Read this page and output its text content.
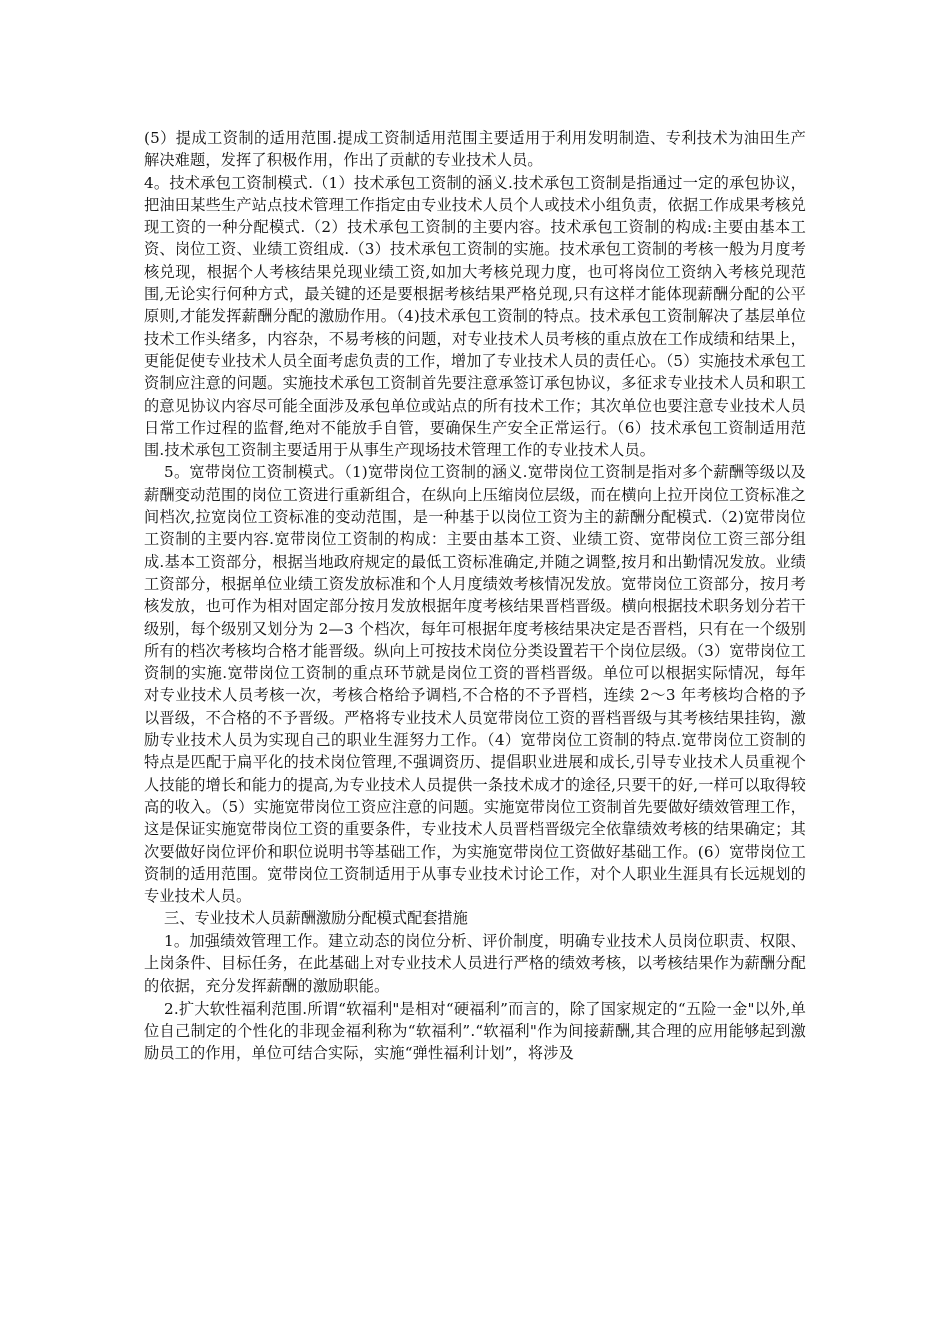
(5）提成工资制的适用范围.提成工资制适用范围主要适用于利用发明制造、专利技术为油田生产解决难题，发挥了积极作用，作出了贡献的专业技术人员。

4。技术承包工资制模式.（1）技术承包工资制的涵义.技术承包工资制是指通过一定的承包协议，把油田某些生产站点技术管理工作指定由专业技术人员个人或技术小组负责，依据工作成果考核兑现工资的一种分配模式.（2）技术承包工资制的主要内容。技术承包工资制的构成:主要由基本工资、岗位工资、业绩工资组成.（3）技术承包工资制的实施。技术承包工资制的考核一般为月度考核兑现，根据个人考核结果兑现业绩工资,如加大考核兑现力度，也可将岗位工资纳入考核兑现范围,无论实行何种方式，最关键的还是要根据考核结果严格兑现,只有这样才能体现薪酬分配的公平原则,才能发挥薪酬分配的激励作用。（4)技术承包工资制的特点。技术承包工资制解决了基层单位技术工作头绪多，内容杂，不易考核的问题，对专业技术人员考核的重点放在工作成绩和结果上，更能促使专业技术人员全面考虑负责的工作，增加了专业技术人员的责任心。（5）实施技术承包工资制应注意的问题。实施技术承包工资制首先要注意承签订承包协议，多征求专业技术人员和职工的意见协议内容尽可能全面涉及承包单位或站点的所有技术工作；其次单位也要注意专业技术人员日常工作过程的监督,绝对不能放手自管，要确保生产安全正常运行。（6）技术承包工资制适用范围.技术承包工资制主要适用于从事生产现场技术管理工作的专业技术人员。

5。宽带岗位工资制模式。（1)宽带岗位工资制的涵义.宽带岗位工资制是指对多个薪酬等级以及薪酬变动范围的岗位工资进行重新组合，在纵向上压缩岗位层级，而在横向上拉开岗位工资标准之间档次,拉宽岗位工资标准的变动范围，是一种基于以岗位工资为主的薪酬分配模式.（2)宽带岗位工资制的主要内容.宽带岗位工资制的构成：主要由基本工资、业绩工资、宽带岗位工资三部分组成.基本工资部分，根据当地政府规定的最低工资标准确定,并随之调整,按月和出勤情况发放。业绩工资部分，根据单位业绩工资发放标准和个人月度绩效考核情况发放。宽带岗位工资部分，按月考核发放，也可作为相对固定部分按月发放根据年度考核结果晋档晋级。横向根据技术职务划分若干级别，每个级别又划分为 2—3 个档次，每年可根据年度考核结果决定是否晋档，只有在一个级别所有的档次考核均合格才能晋级。纵向上可按技术岗位分类设置若干个岗位层级。（3）宽带岗位工资制的实施.宽带岗位工资制的重点环节就是岗位工资的晋档晋级。单位可以根据实际情况，每年对专业技术人员考核一次，考核合格给予调档,不合格的不予晋档，连续 2～3 年考核均合格的予以晋级，不合格的不予晋级。严格将专业技术人员宽带岗位工资的晋档晋级与其考核结果挂钩，激励专业技术人员为实现自己的职业生涯努力工作。（4）宽带岗位工资制的特点.宽带岗位工资制的特点是匹配于扁平化的技术岗位管理,不强调资历、提倡职业进展和成长,引导专业技术人员重视个人技能的增长和能力的提高,为专业技术人员提供一条技术成才的途径,只要干的好,一样可以取得较高的收入。（5）实施宽带岗位工资应注意的问题。实施宽带岗位工资制首先要做好绩效管理工作，这是保证实施宽带岗位工资的重要条件，专业技术人员晋档晋级完全依靠绩效考核的结果确定；其次要做好岗位评价和职位说明书等基础工作，为实施宽带岗位工资做好基础工作。(6）宽带岗位工资制的适用范围。宽带岗位工资制适用于从事专业技术讨论工作，对个人职业生涯具有长远规划的专业技术人员。

三、专业技术人员薪酬激励分配模式配套措施

1。加强绩效管理工作。建立动态的岗位分析、评价制度，明确专业技术人员岗位职责、权限、上岗条件、目标任务，在此基础上对专业技术人员进行严格的绩效考核，以考核结果作为薪酬分配的依据，充分发挥薪酬的激励职能。

2.扩大软性福利范围.所谓“软福利"是相对“硬福利”而言的，除了国家规定的“五险一金"以外,单位自己制定的个性化的非现金福利称为“软福利”.“软福利"作为间接薪酬,其合理的应用能够起到激励员工的作用，单位可结合实际，实施“弹性福利计划”，将涉及
